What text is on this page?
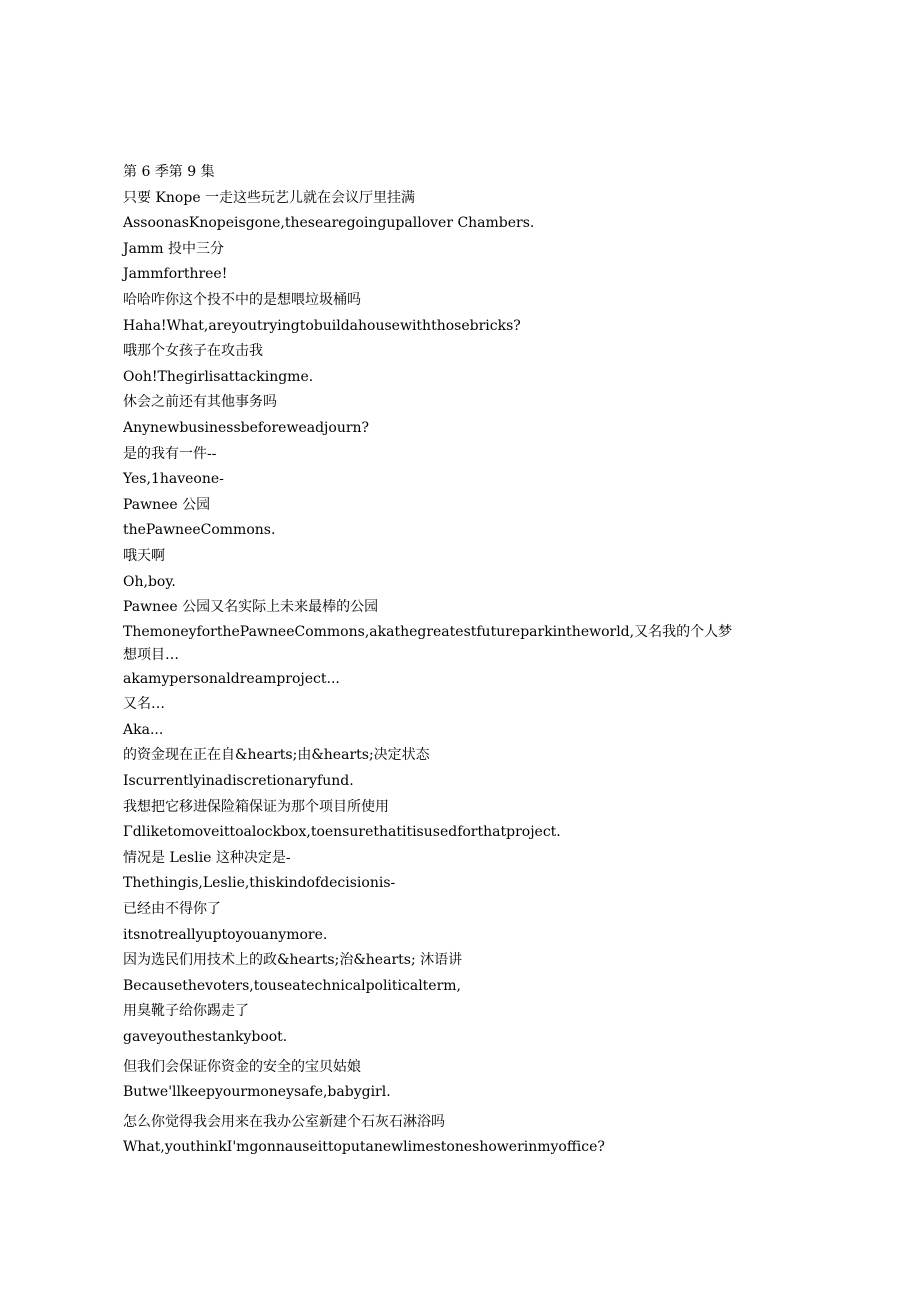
第 6 季第 9 集
只要 Knope 一走这些玩艺儿就在会议厅里挂满
AssoonasKnopeisgone,thesearegoingupallover Chambers.
Jamm 投中三分
Jammforthree!
哈哈咋你这个投不中的是想喂垃圾桶吗
Haha!What,areyoutryingtobuildahousewiththosebricks?
哦那个女孩子在攻击我
Ooh!Thegirlisattackingme.
休会之前还有其他事务吗
Anynewbusinessbeforeweadjourn?
是的我有一件--
Yes,1haveone-
Pawnee 公园
thePawneeCommons.
哦天啊
Oh,boy.
Pawnee 公园又名实际上未来最棒的公园
ThemoneyforthePawneeCommons,akathegreatestfutureparkintheworld,又名我的个人梦想项目…
akamypersonaldreamproject...
又名…
Aka...
的资金现在正在自&hearts;由&hearts;决定状态
Iscurrentlyinadiscretionaryfund.
我想把它移进保险箱保证为那个项目所使用
Γdliketomoveittoalockbox,toensurethatitisusedforthatproject.
情况是 Leslie 这种决定是-
Thethingis,Leslie,thiskindofdecisionis-
已经由不得你了
itsnotreallyuptoyouanymore.
因为选民们用技术上的政&hearts;治&hearts; 沐语讲
Becausethevoters,touseatechnicalpoliticalterm,
用臭靴子给你踢走了
gaveyouthestankyboot.
但我们会保证你资金的安全的宝贝姑娘
Butwe'llkeepyourmoneysafe,babygirl.
怎么你觉得我会用来在我办公室新建个石灰石淋浴吗
What,youthinkI'mgonnauseittoputanewlimestoneshowerinmyoffice?
